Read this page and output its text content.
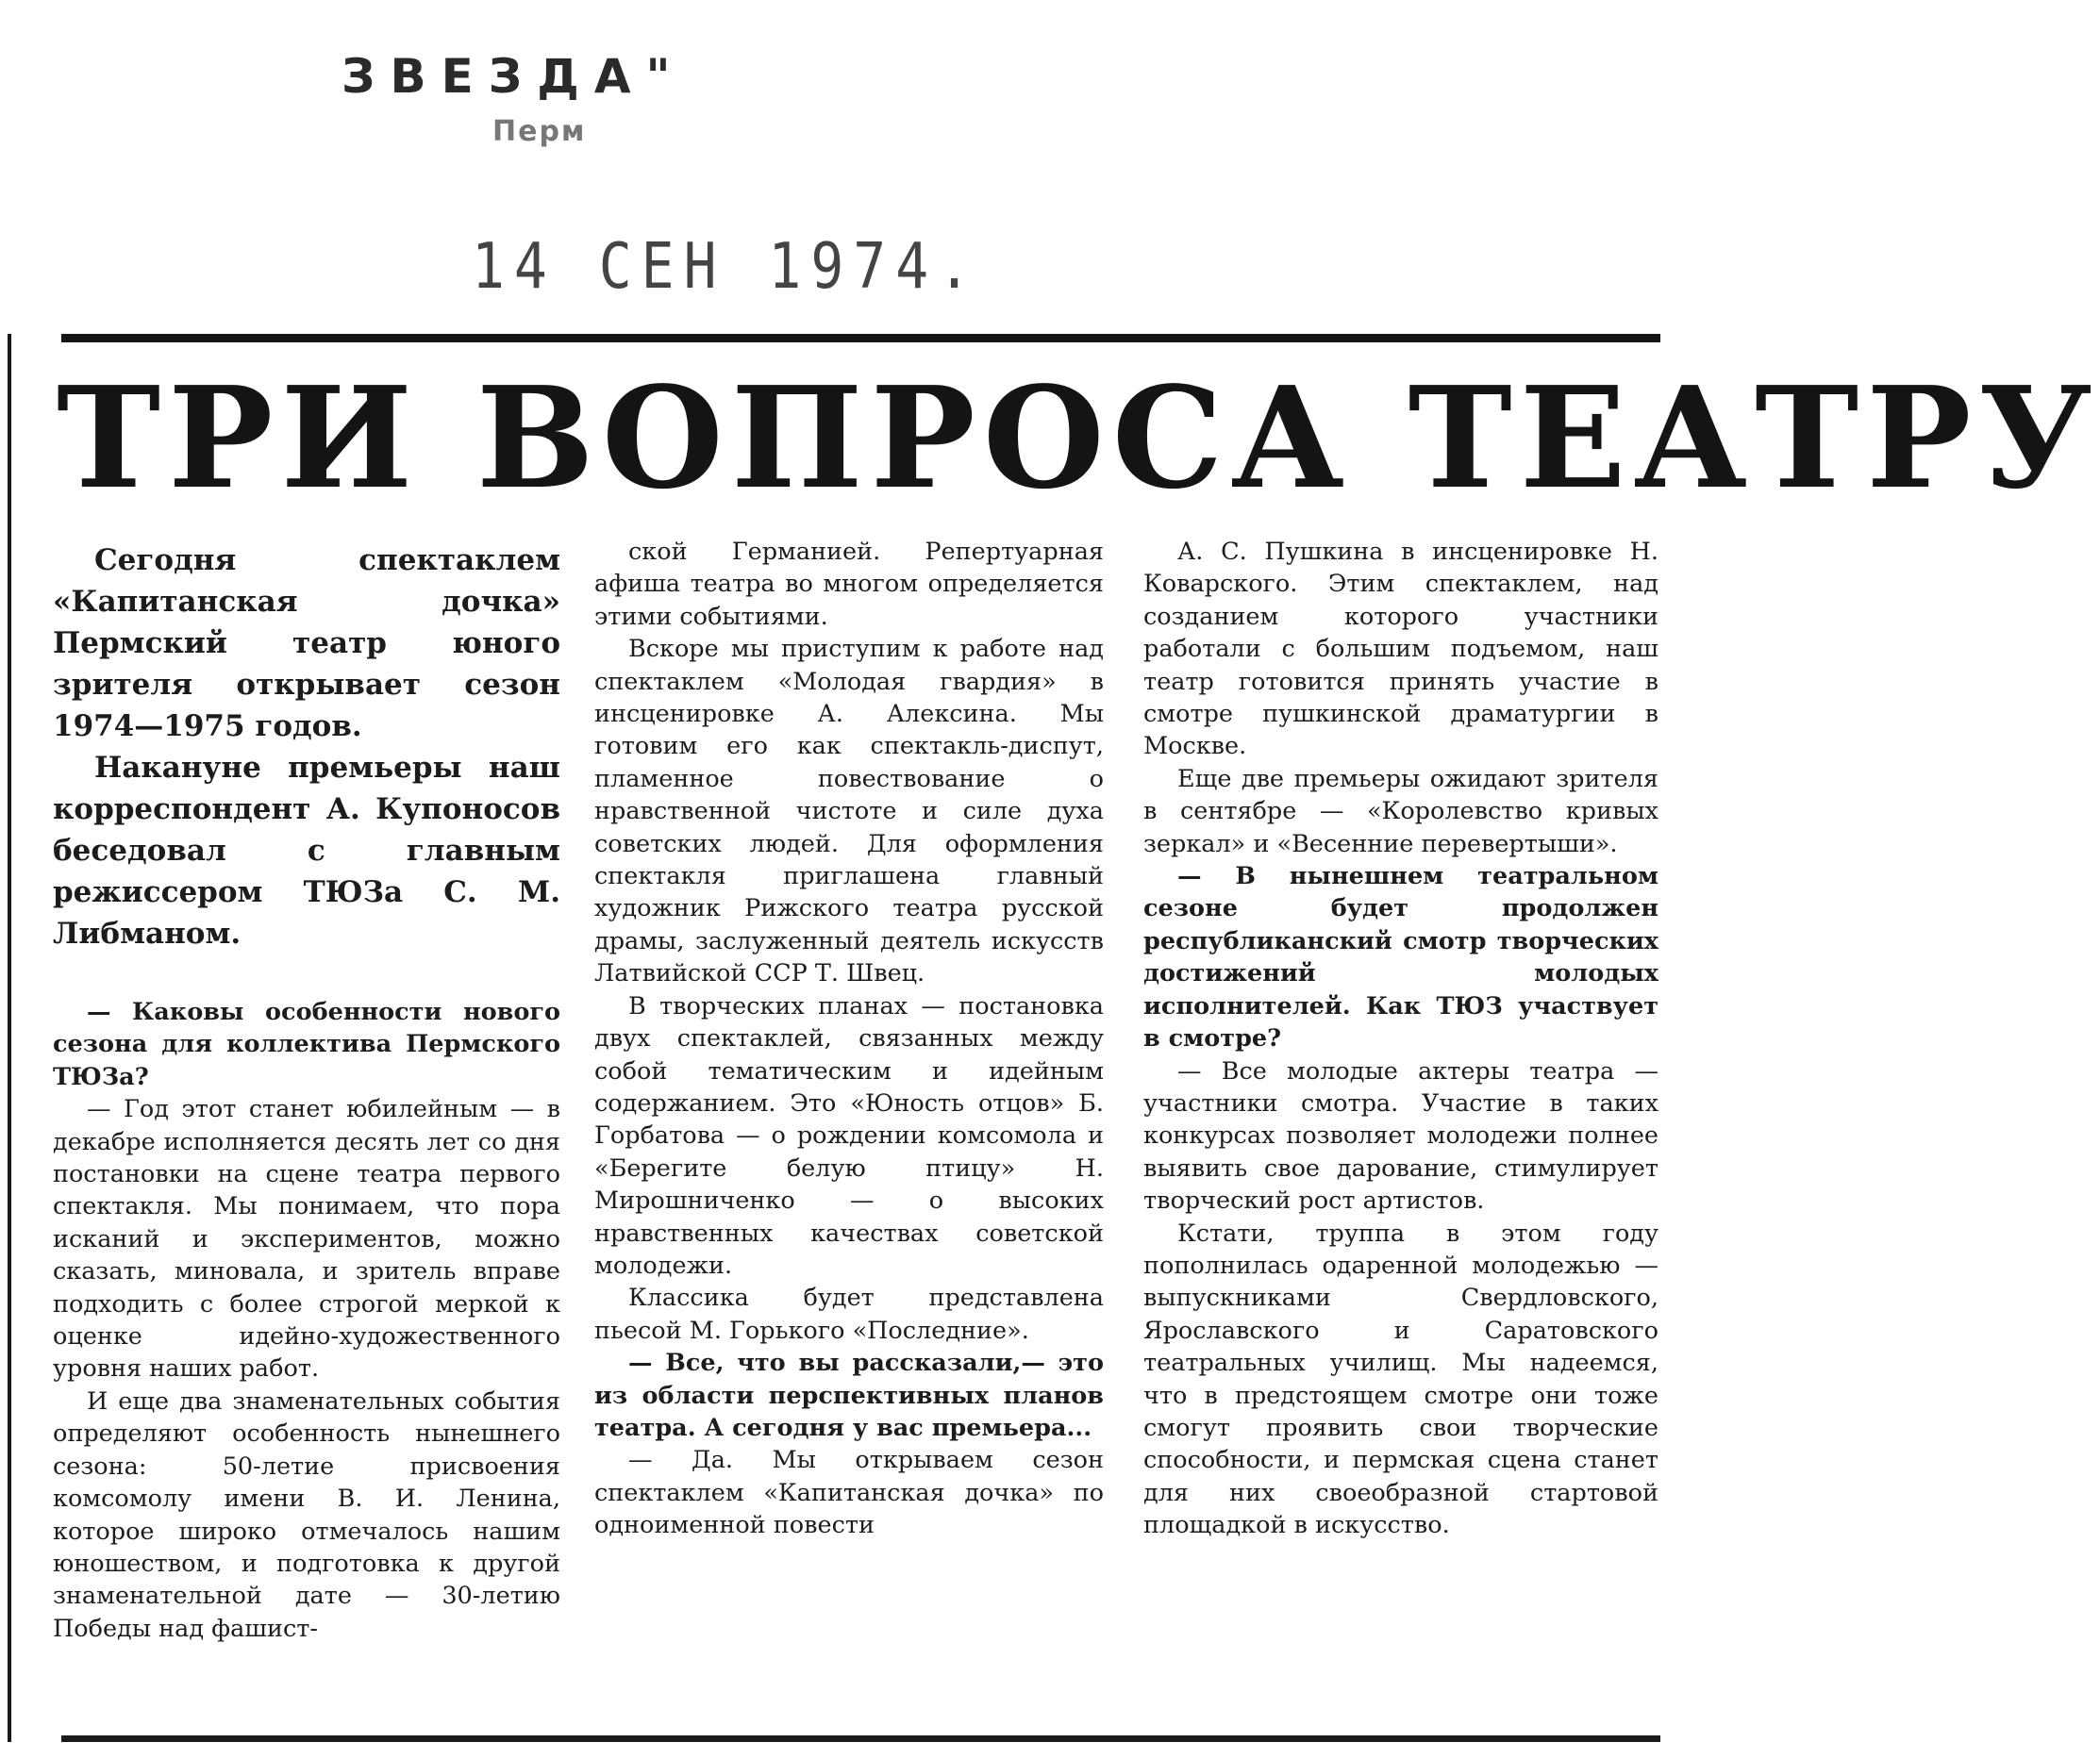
ЗВЕЗДА"
Перм
14 СЕН 1974.
ТРИ ВОПРОСА ТЕАТРУ

Сегодня спектаклем «Капитанская дочка» Пермский театр юного зрителя открывает сезон 1974—1975 годов.

Накануне премьеры наш корреспондент А. Купоносов беседовал с главным режиссером ТЮЗа С. М. Либманом.

— Каковы особенности нового сезона для коллектива Пермского ТЮЗа?

— Год этот станет юбилейным — в декабре исполняется десять лет со дня постановки на сцене театра первого спектакля. Мы понимаем, что пора исканий и экспериментов, можно сказать, миновала, и зритель вправе подходить с более строгой меркой к оценке идейно-художественного уровня наших работ.

И еще два знаменательных события определяют особенность нынешнего сезона: 50-летие присвоения комсомолу имени В. И. Ленина, которое широко отмечалось нашим юношеством, и подготовка к другой знаменательной дате — 30-летию Победы над фашист-

ской Германией. Репертуарная афиша театра во многом определяется этими событиями.

Вскоре мы приступим к работе над спектаклем «Молодая гвардия» в инсценировке А. Алексина. Мы готовим его как спектакль-диспут, пламенное повествование о нравственной чистоте и силе духа советских людей. Для оформления спектакля приглашена главный художник Рижского театра русской драмы, заслуженный деятель искусств Латвийской ССР Т. Швец.

В творческих планах — постановка двух спектаклей, связанных между собой тематическим и идейным содержанием. Это «Юность отцов» Б. Горбатова — о рождении комсомола и «Берегите белую птицу» Н. Мирошниченко — о высоких нравственных качествах советской молодежи.

Классика будет представлена пьесой М. Горького «Последние».

— Все, что вы рассказали,— это из области перспективных планов театра. А сегодня у вас премьера...

— Да. Мы открываем сезон спектаклем «Капитанская дочка» по одноименной повести

А. С. Пушкина в инсценировке Н. Коварского. Этим спектаклем, над созданием которого участники работали с большим подъемом, наш театр готовится принять участие в смотре пушкинской драматургии в Москве.

Еще две премьеры ожидают зрителя в сентябре — «Королевство кривых зеркал» и «Весенние перевертыши».

— В нынешнем театральном сезоне будет продолжен республиканский смотр творческих достижений молодых исполнителей. Как ТЮЗ участвует в смотре?

— Все молодые актеры театра — участники смотра. Участие в таких конкурсах позволяет молодежи полнее выявить свое дарование, стимулирует творческий рост артистов.

Кстати, труппа в этом году пополнилась одаренной молодежью — выпускниками Свердловского, Ярославского и Саратовского театральных училищ. Мы надеемся, что в предстоящем смотре они тоже смогут проявить свои творческие способности, и пермская сцена станет для них своеобразной стартовой площадкой в искусство.
